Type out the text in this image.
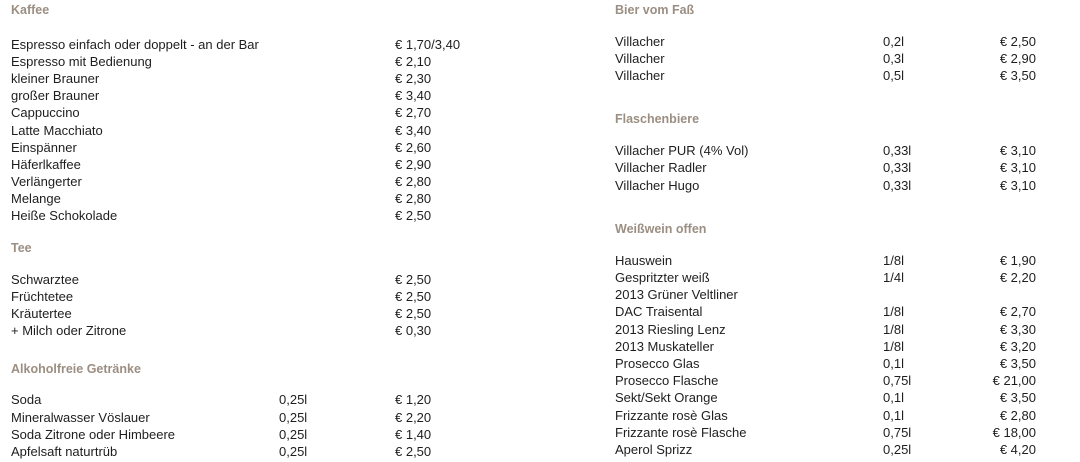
Kaffee
Espresso einfach oder doppelt - an der Bar	€ 1,70/3,40
Espresso mit Bedienung	€ 2,10
kleiner Brauner	€ 2,30
großer Brauner	€ 3,40
Cappuccino	€ 2,70
Latte Macchiato	€ 3,40
Einspänner	€ 2,60
Häferlkaffee	€ 2,90
Verlängerter	€ 2,80
Melange	€ 2,80
Heiße Schokolade	€ 2,50
Tee
Schwarztee	€ 2,50
Früchtetee	€ 2,50
Kräutertee	€ 2,50
+ Milch oder Zitrone	€ 0,30
Alkoholfreie Getränke
Soda	0,25l	€ 1,20
Mineralwasser Vöslauer	0,25l	€ 2,20
Soda Zitrone oder Himbeere	0,25l	€ 1,40
Apfelsaft naturtrüb	0,25l	€ 2,50
Bier vom Faß
Villacher	0,2l	€ 2,50
Villacher	0,3l	€ 2,90
Villacher	0,5l	€ 3,50
Flaschenbiere
Villacher PUR (4% Vol)	0,33l	€ 3,10
Villacher Radler	0,33l	€ 3,10
Villacher Hugo	0,33l	€ 3,10
Weißwein offen
Hauswein	1/8l	€ 1,90
Gespritzter weiß	1/4l	€ 2,20
2013 Grüner Veltliner
DAC Traisental	1/8l	€ 2,70
2013 Riesling Lenz	1/8l	€ 3,30
2013 Muskateller	1/8l	€ 3,20
Prosecco Glas	0,1l	€ 3,50
Prosecco Flasche	0,75l	€ 21,00
Sekt/Sekt Orange	0,1l	€ 3,50
Frizzante rosè Glas	0,1l	€ 2,80
Frizzante rosè Flasche	0,75l	€ 18,00
Aperol Sprizz	0,25l	€ 4,20
